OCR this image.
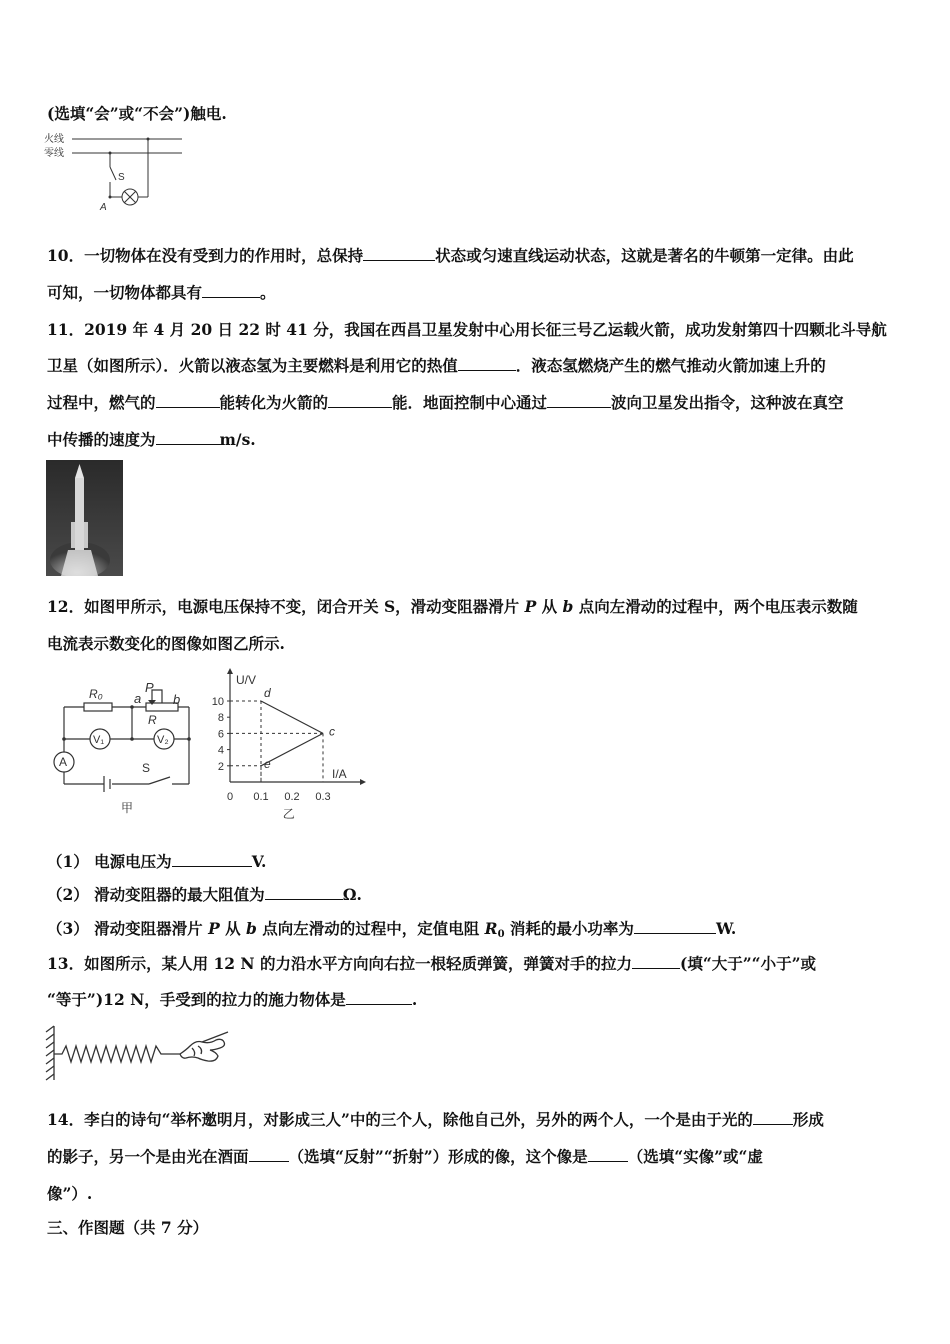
(选填“会”或“不会”)触电.
火线
零线
S
A
10．一切物体在没有受到力的作用时，总保持	状态或匀速直线运动状态，这就是著名的牛顿第一定律。由此
可知，一切物体都具有	。
11．2019 年 4 月 20 日 22 时 41 分，我国在西昌卫星发射中心用长征三号乙运载火箭，成功发射第四十四颗北斗导航
卫星（如图所示）．火箭以液态氢为主要燃料是利用它的热值	．液态氢燃烧产生的燃气推动火箭加速上升的
过程中，燃气的	能转化为火箭的	能．地面控制中心通过	波向卫星发出指令，这种波在真空
中传播的速度为	m/s.
12．如图甲所示，电源电压保持不变，闭合开关 S，滑动变阻器滑片 P 从 b 点向左滑动的过程中，两个电压表示数随
电流表示数变化的图像如图乙所示.
R₀ a
P
b
R
V₁	V₂
A	S
甲
U/V
I/A
2
4
6
8
10
0 0.1 0.2 0.3
d
c
e
乙
（1） 电源电压为	V.
（2） 滑动变阻器的最大阻值为	Ω.
（3） 滑动变阻器滑片 P 从 b 点向左滑动的过程中，定值电阻 $R_0$ 消耗的最小功率为	W.
13．如图所示，某人用 12 N 的力沿水平方向向右拉一根轻质弹簧，弹簧对手的拉力	(填“大于”“小于”或
“等于”)12 N，手受到的拉力的施力物体是	.
14．李白的诗句“举杯邀明月，对影成三人”中的三个人，除他自己外，另外的两个人，一个是由于光的	形成
的影子，另一个是由光在酒面	（选填“反射”“折射”）形成的像，这个像是	（选填“实像”或“虚
像”）.
三、作图题（共 7 分）
